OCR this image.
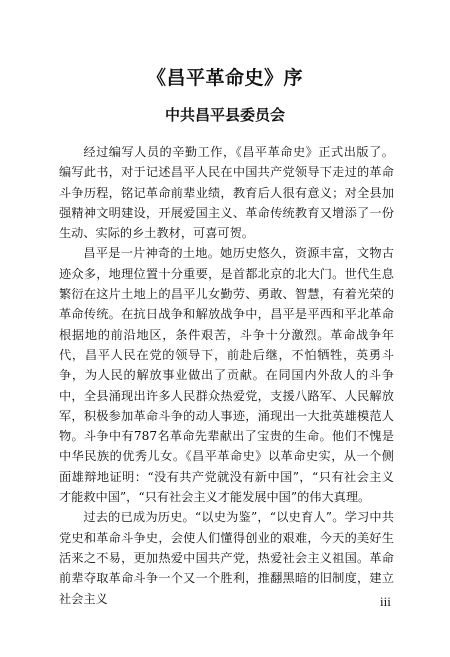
《昌平革命史》序
中共昌平县委员会

经过编写人员的辛勤工作，《昌平革命史》正式出版了。编写此书，对于记述昌平人民在中国共产党领导下走过的革命斗争历程，铭记革命前辈业绩，教育后人很有意义；对全县加强精神文明建设，开展爱国主义、革命传统教育又增添了一份生动、实际的乡土教材，可喜可贺。

昌平是一片神奇的土地。她历史悠久，资源丰富，文物古迹众多，地理位置十分重要，是首都北京的北大门。世代生息繁衍在这片土地上的昌平儿女勤劳、勇敢、智慧，有着光荣的革命传统。在抗日战争和解放战争中，昌平是平西和平北革命根据地的前沿地区，条件艰苦，斗争十分激烈。革命战争年代，昌平人民在党的领导下，前赴后继，不怕牺牲，英勇斗争，为人民的解放事业做出了贡献。在同国内外敌人的斗争中，全县涌现出许多人民群众热爱党，支援八路军、人民解放军，积极参加革命斗争的动人事迹，涌现出一大批英雄模范人物。斗争中有787名革命先辈献出了宝贵的生命。他们不愧是中华民族的优秀儿女。《昌平革命史》以革命史实，从一个侧面雄辩地证明：“没有共产党就没有新中国”，“只有社会主义才能救中国”，“只有社会主义才能发展中国”的伟大真理。

过去的已成为历史。“以史为鉴”，“以史育人”。学习中共党史和革命斗争史，会使人们懂得创业的艰难，今天的美好生活来之不易，更加热爱中国共产党，热爱社会主义祖国。革命前辈夺取革命斗争一个又一个胜利，推翻黑暗的旧制度，建立社会主义	iii
